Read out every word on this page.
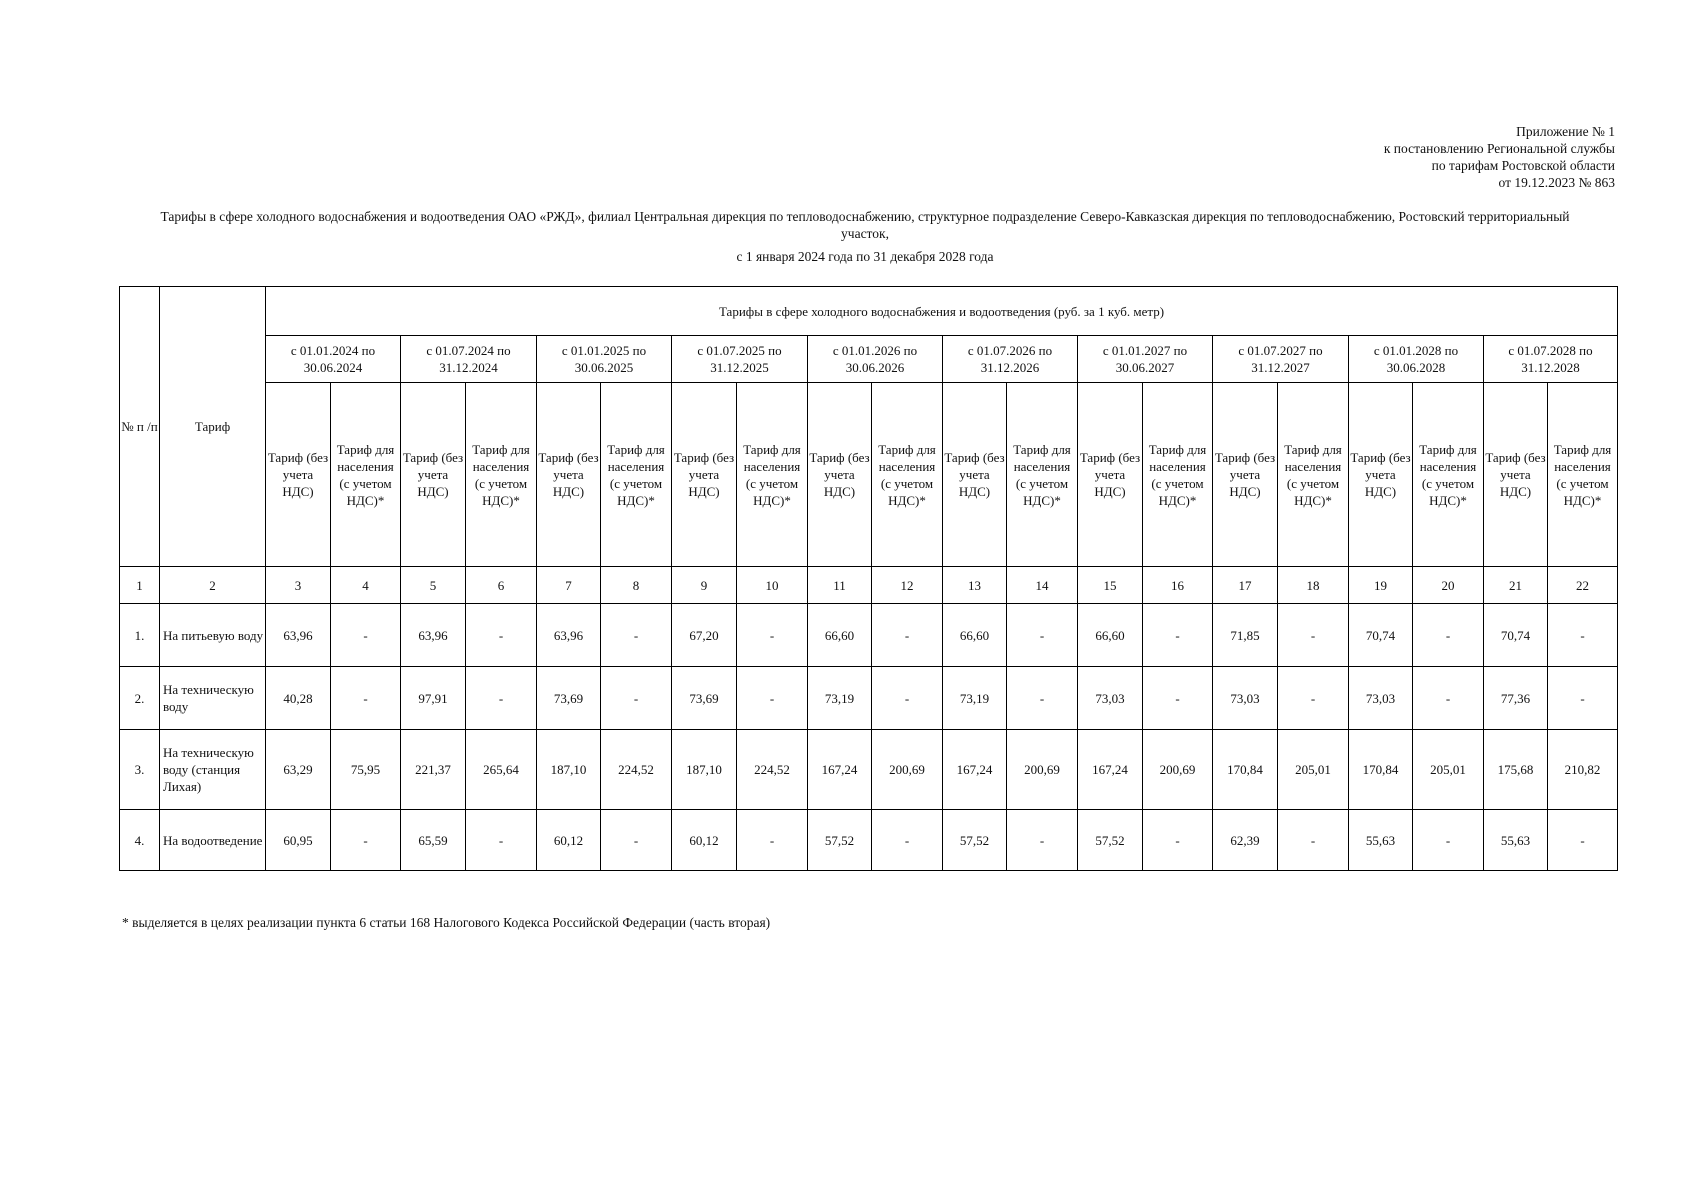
Приложение № 1
к постановлению Региональной службы
по тарифам Ростовской области
от 19.12.2023 № 863
Тарифы в сфере холодного водоснабжения и водоотведения ОАО «РЖД», филиал Центральная дирекция по тепловодоснабжению, структурное подразделение Северо-Кавказская дирекция по тепловодоснабжению, Ростовский территориальный участок,
с 1 января 2024 года по 31 декабря 2028 года
№ п /п	Тариф	Тарифы в сфере холодного водоснабжения и водоотведения (руб. за 1 куб. метр)																			
		с 01.01.2024 по 30.06.2024		с 01.07.2024 по 31.12.2024		с 01.01.2025 по 30.06.2025		с 01.07.2025 по 31.12.2025		с 01.01.2026 по 30.06.2026		с 01.07.2026 по 31.12.2026		с 01.01.2027 по 30.06.2027		с 01.07.2027 по 31.12.2027		с 01.01.2028 по 30.06.2028		с 01.07.2028 по 31.12.2028	
		Тариф (без учета НДС)	Тариф для населения (с учетом НДС)*	Тариф (без учета НДС)	Тариф для населения (с учетом НДС)*	Тариф (без учета НДС)	Тариф для населения (с учетом НДС)*	Тариф (без учета НДС)	Тариф для населения (с учетом НДС)*	Тариф (без учета НДС)	Тариф для населения (с учетом НДС)*	Тариф (без учета НДС)	Тариф для населения (с учетом НДС)*	Тариф (без учета НДС)	Тариф для населения (с учетом НДС)*	Тариф (без учета НДС)	Тариф для населения (с учетом НДС)*	Тариф (без учета НДС)	Тариф для населения (с учетом НДС)*	Тариф (без учета НДС)	Тариф для населения (с учетом НДС)*
1	2	3	4	5	6	7	8	9	10	11	12	13	14	15	16	17	18	19	20	21	22
1.	На питьевую воду	63,96	-	63,96	-	63,96	-	67,20	-	66,60	-	66,60	-	66,60	-	71,85	-	70,74	-	70,74	-
2.	На техническую воду	40,28	-	97,91	-	73,69	-	73,69	-	73,19	-	73,19	-	73,03	-	73,03	-	73,03	-	77,36	-
3.	На техническую воду (станция Лихая)	63,29	75,95	221,37	265,64	187,10	224,52	187,10	224,52	167,24	200,69	167,24	200,69	167,24	200,69	170,84	205,01	170,84	205,01	175,68	210,82
4.	На водоотведение	60,95	-	65,59	-	60,12	-	60,12	-	57,52	-	57,52	-	57,52	-	62,39	-	55,63	-	55,63	-
* выделяется в целях реализации пункта 6 статьи 168 Налогового Кодекса Российской Федерации (часть вторая)
